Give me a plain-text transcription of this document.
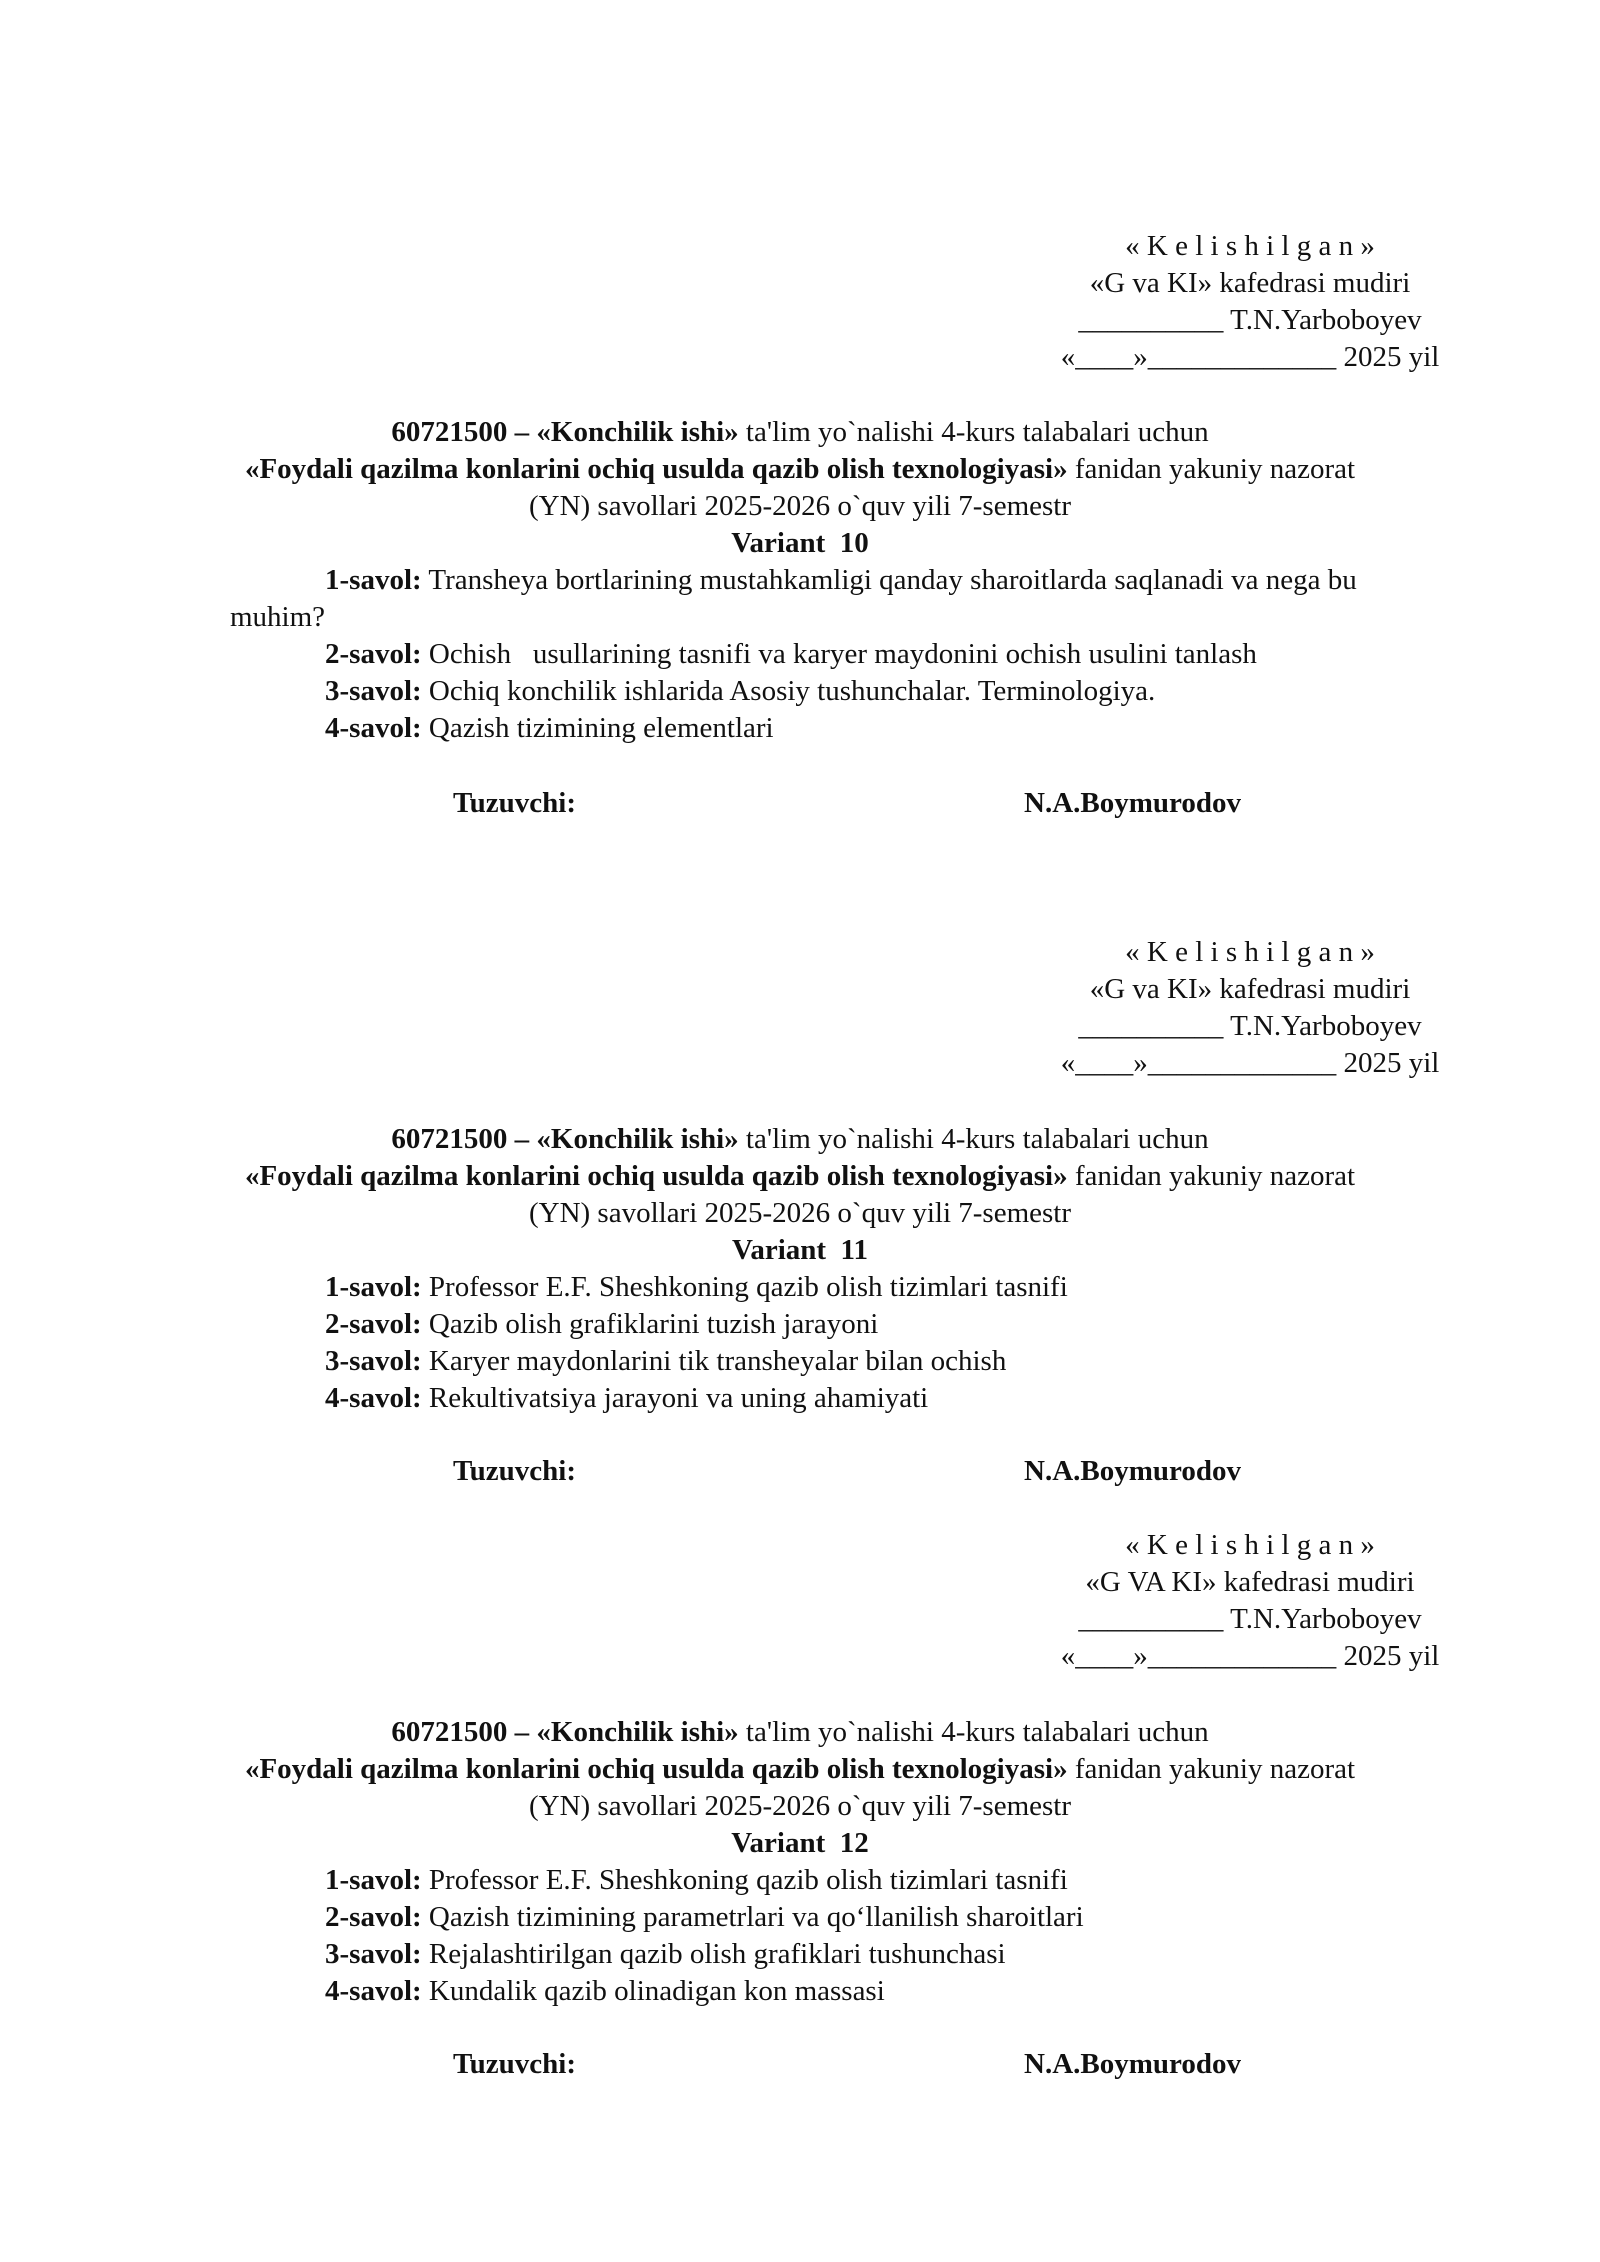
« K e l i s h i l g a n »
«G va KI» kafedrasi mudiri
__________ T.N.Yarboboyev
«____»_____________ 2025 yil
60721500 – «Konchilik ishi» ta'lim yo`nalishi 4-kurs talabalari uchun
«Foydali qazilma konlarini ochiq usulda qazib olish texnologiyasi» fanidan yakuniy nazorat
(YN) savollari 2025-2026 o`quv yili 7-semestr
Variant  10
1-savol: Transheya bortlarining mustahkamligi qanday sharoitlarda saqlanadi va nega bu
muhim?
2-savol: Ochish   usullarining tasnifi va karyer maydonini ochish usulini tanlash
3-savol: Ochiq konchilik ishlarida Asosiy tushunchalar. Terminologiya.
4-savol: Qazish tizimining elementlari
Tuzuvchi:	N.A.Boymurodov
« K e l i s h i l g a n »
«G va KI» kafedrasi mudiri
__________ T.N.Yarboboyev
«____»_____________ 2025 yil
60721500 – «Konchilik ishi» ta'lim yo`nalishi 4-kurs talabalari uchun
«Foydali qazilma konlarini ochiq usulda qazib olish texnologiyasi» fanidan yakuniy nazorat
(YN) savollari 2025-2026 o`quv yili 7-semestr
Variant  11
1-savol: Professor E.F. Sheshkoning qazib olish tizimlari tasnifi
2-savol: Qazib olish grafiklarini tuzish jarayoni
3-savol: Karyer maydonlarini tik transheyalar bilan ochish
4-savol: Rekultivatsiya jarayoni va uning ahamiyati
Tuzuvchi:	N.A.Boymurodov
« K e l i s h i l g a n »
«G VA KI» kafedrasi mudiri
__________ T.N.Yarboboyev
«____»_____________ 2025 yil
60721500 – «Konchilik ishi» ta'lim yo`nalishi 4-kurs talabalari uchun
«Foydali qazilma konlarini ochiq usulda qazib olish texnologiyasi» fanidan yakuniy nazorat
(YN) savollari 2025-2026 o`quv yili 7-semestr
Variant  12
1-savol: Professor E.F. Sheshkoning qazib olish tizimlari tasnifi
2-savol: Qazish tizimining parametrlari va qo‘llanilish sharoitlari
3-savol: Rejalashtirilgan qazib olish grafiklari tushunchasi
4-savol: Kundalik qazib olinadigan kon massasi
Tuzuvchi:	N.A.Boymurodov
